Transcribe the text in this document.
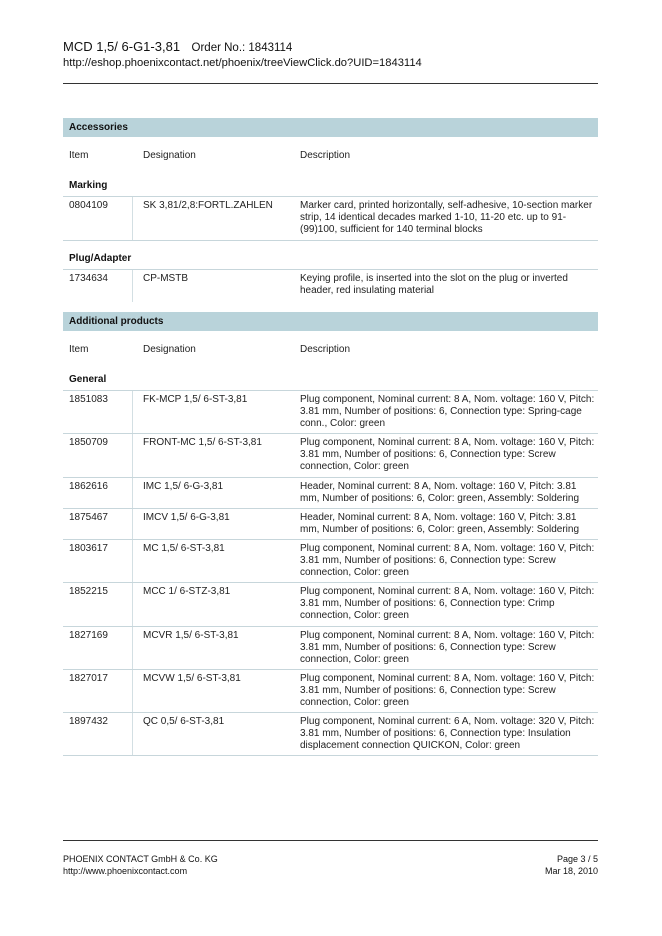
MCD 1,5/ 6-G1-3,81 Order No.: 1843114
http://eshop.phoenixcontact.net/phoenix/treeViewClick.do?UID=1843114
Accessories
Item	Designation	Description
Marking
0804109	SK 3,81/2,8:FORTL.ZAHLEN	Marker card, printed horizontally, self-adhesive, 10-section marker strip, 14 identical decades marked 1-10, 11-20 etc. up to 91-(99)100, sufficient for 140 terminal blocks
Plug/Adapter
1734634	CP-MSTB	Keying profile, is inserted into the slot on the plug or inverted header, red insulating material
Additional products
Item	Designation	Description
General
1851083	FK-MCP 1,5/ 6-ST-3,81	Plug component, Nominal current: 8 A, Nom. voltage: 160 V, Pitch: 3.81 mm, Number of positions: 6, Connection type: Spring-cage conn., Color: green
1850709	FRONT-MC 1,5/ 6-ST-3,81	Plug component, Nominal current: 8 A, Nom. voltage: 160 V, Pitch: 3.81 mm, Number of positions: 6, Connection type: Screw connection, Color: green
1862616	IMC 1,5/ 6-G-3,81	Header, Nominal current: 8 A, Nom. voltage: 160 V, Pitch: 3.81 mm, Number of positions: 6, Color: green, Assembly: Soldering
1875467	IMCV 1,5/ 6-G-3,81	Header, Nominal current: 8 A, Nom. voltage: 160 V, Pitch: 3.81 mm, Number of positions: 6, Color: green, Assembly: Soldering
1803617	MC 1,5/ 6-ST-3,81	Plug component, Nominal current: 8 A, Nom. voltage: 160 V, Pitch: 3.81 mm, Number of positions: 6, Connection type: Screw connection, Color: green
1852215	MCC 1/ 6-STZ-3,81	Plug component, Nominal current: 8 A, Nom. voltage: 160 V, Pitch: 3.81 mm, Number of positions: 6, Connection type: Crimp connection, Color: green
1827169	MCVR 1,5/ 6-ST-3,81	Plug component, Nominal current: 8 A, Nom. voltage: 160 V, Pitch: 3.81 mm, Number of positions: 6, Connection type: Screw connection, Color: green
1827017	MCVW 1,5/ 6-ST-3,81	Plug component, Nominal current: 8 A, Nom. voltage: 160 V, Pitch: 3.81 mm, Number of positions: 6, Connection type: Screw connection, Color: green
1897432	QC 0,5/ 6-ST-3,81	Plug component, Nominal current: 6 A, Nom. voltage: 320 V, Pitch: 3.81 mm, Number of positions: 6, Connection type: Insulation displacement connection QUICKON, Color: green
PHOENIX CONTACT GmbH & Co. KG
http://www.phoenixcontact.com
Page 3 / 5
Mar 18, 2010
